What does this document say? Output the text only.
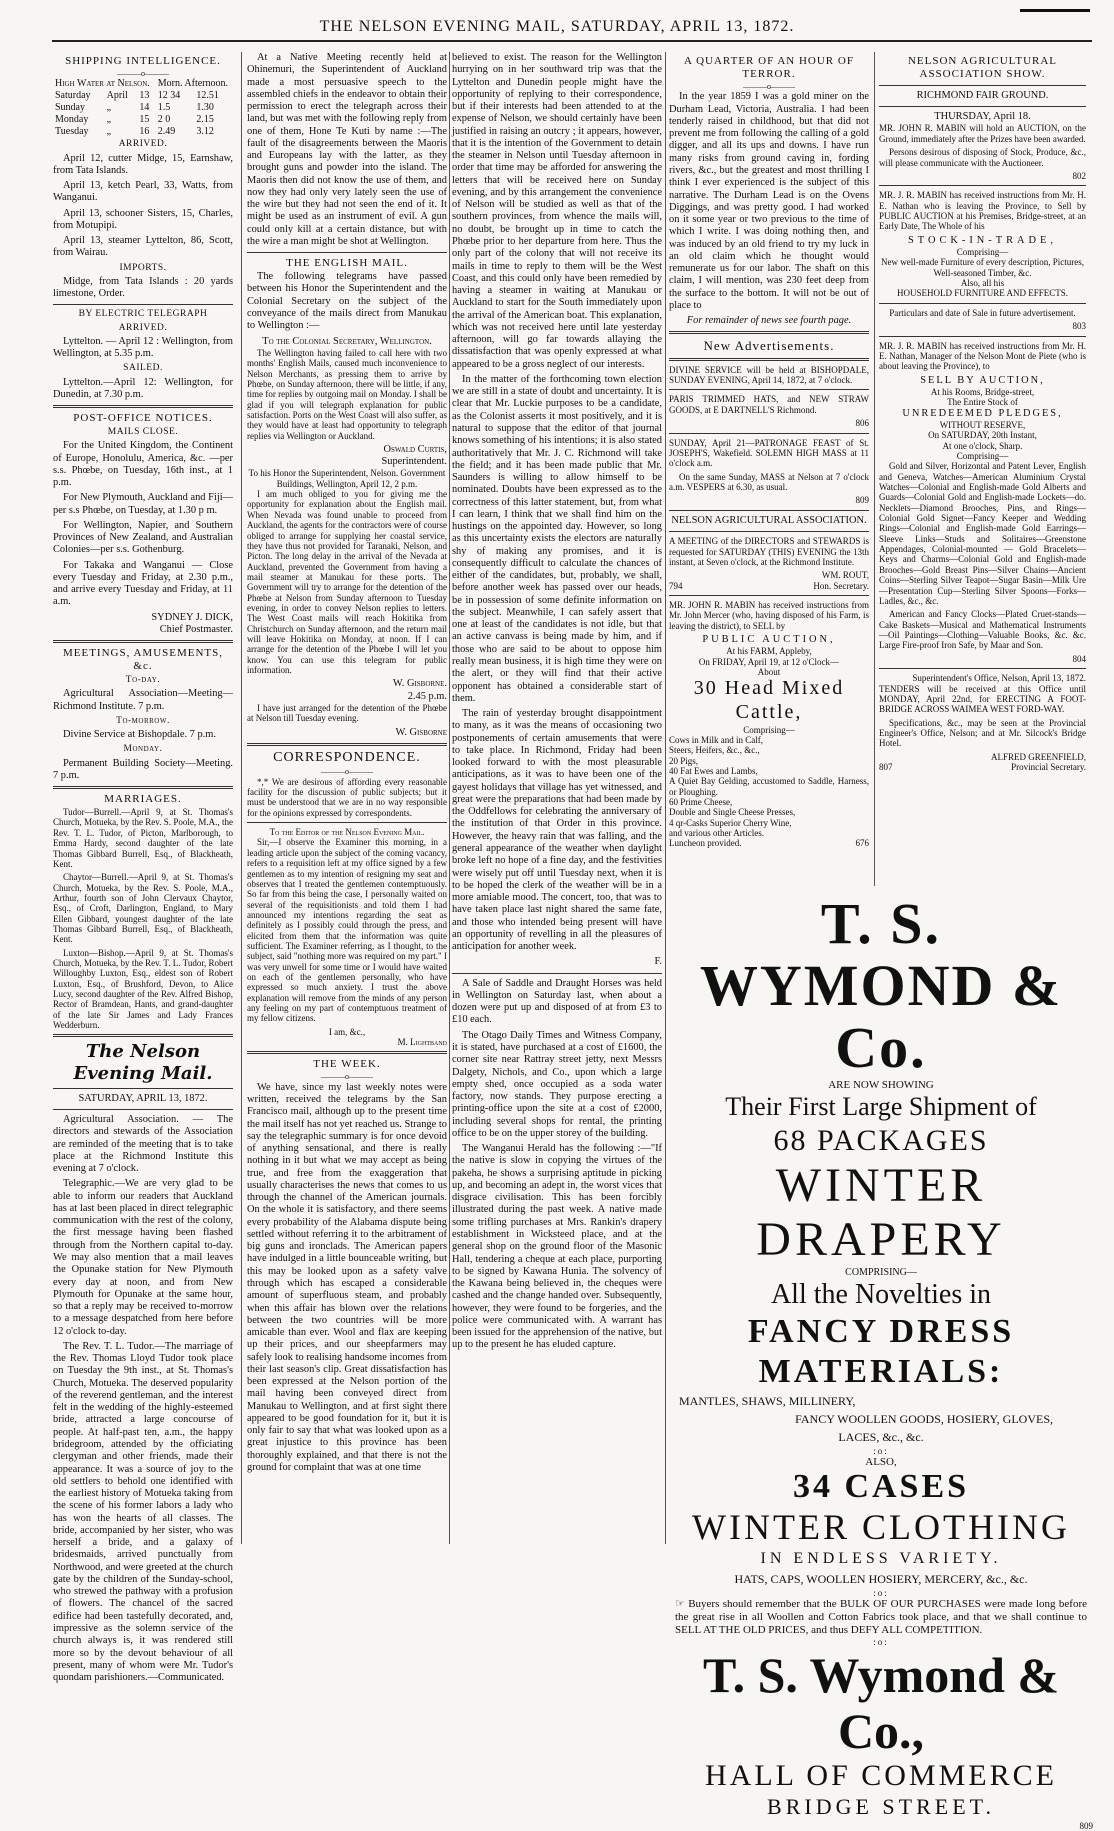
THE NELSON EVENING MAIL, SATURDAY, APRIL 13, 1872.
SHIPPING INTELLIGENCE.
———o———
High Water at Nelson.			Morn. Afternoon.	
Saturday	April	13	12 34	12.51
Sunday	„	14	1.5	1.30
Monday	„	15	2 0	2.15
Tuesday	„	16	2.49	3.12
ARRIVED.

April 12, cutter Midge, 15, Earnshaw, from Tata Islands.

April 13, ketch Pearl, 33, Watts, from Wanganui.

April 13, schooner Sisters, 15, Charles, from Motupipi.

April 13, steamer Lyttelton, 86, Scott, from Wairau.

IMPORTS.

Midge, from Tata Islands : 20 yards limestone, Order.

BY ELECTRIC TELEGRAPH
ARRIVED.

Lyttelton. — April 12 : Wellington, from Wellington, at 5.35 p.m.

SAILED.

Lyttelton.—April 12: Wellington, for Dunedin, at 7.30 p.m.

POST-OFFICE NOTICES.
MAILS CLOSE.

For the United Kingdom, the Continent of Europe, Honolulu, America, &c. —per s.s. Phœbe, on Tuesday, 16th inst., at 1 p.m.

For New Plymouth, Auckland and Fiji—per s.s Phœbe, on Tuesday, at 1.30 p m.

For Wellington, Napier, and Southern Provinces of New Zealand, and Australian Colonies—per s.s. Gothenburg.

For Takaka and Wanganui — Close every Tuesday and Friday, at 2.30 p.m., and arrive every Tuesday and Friday, at 11 a.m.

SYDNEY J. DICK,
Chief Postmaster.
MEETINGS, AMUSEMENTS, &c.
To-day.

Agricultural Association—Meeting—Richmond Institute. 7 p.m.

To-morrow.

Divine Service at Bishopdale. 7 p.m.

Monday.

Permanent Building Society—Meeting. 7 p.m.

MARRIAGES.

Tudor—Burrell.—April 9, at St. Thomas's Church, Motueka, by the Rev. S. Poole, M.A., the Rev. T. L. Tudor, of Picton, Marlborough, to Emma Hardy, second daughter of the late Thomas Gibbard Burrell, Esq., of Blackheath, Kent.

Chaytor—Burrell.—April 9, at St. Thomas's Church, Motueka, by the Rev. S. Poole, M.A., Arthur, fourth son of John Clervaux Chaytor, Esq., of Croft, Darlington, England, to Mary Ellen Gibbard, youngest daughter of the late Thomas Gibbard Burrell, Esq., of Blackheath, Kent.

Luxton—Bishop.—April 9, at St. Thomas's Church, Motueka, by the Rev. T. L. Tudor, Robert Willoughby Luxton, Esq., eldest son of Robert Luxton, Esq., of Brushford, Devon, to Alice Lucy, second daughter of the Rev. Alfred Bishop, Rector of Bramdean, Hants, and grand-daughter of the late Sir James and Lady Frances Wedderburn.

The Nelson Evening Mail.
SATURDAY, APRIL 13, 1872.

Agricultural Association. — The directors and stewards of the Association are reminded of the meeting that is to take place at the Richmond Institute this evening at 7 o'clock.

Telegraphic.—We are very glad to be able to inform our readers that Auckland has at last been placed in direct telegraphic communication with the rest of the colony, the first message having been flashed through from the Northern capital to-day. We may also mention that a mail leaves the Opunake station for New Plymouth every day at noon, and from New Plymouth for Opunake at the same hour, so that a reply may be received to-morrow to a message despatched from here before 12 o'clock to-day.

The Rev. T. L. Tudor.—The marriage of the Rev. Thomas Lloyd Tudor took place on Tuesday the 9th inst., at St. Thomas's Church, Motueka. The deserved popularity of the reverend gentleman, and the interest felt in the wedding of the highly-esteemed bride, attracted a large concourse of people. At half-past ten, a.m., the happy bridegroom, attended by the officiating clergyman and other friends, made their appearance. It was a source of joy to the old settlers to behold one identified with the earliest history of Motueka taking from the scene of his former labors a lady who has won the hearts of all classes. The bride, accompanied by her sister, who was herself a bride, and a galaxy of bridesmaids, arrived punctually from Northwood, and were greeted at the church gate by the children of the Sunday-school, who strewed the pathway with a profusion of flowers. The chancel of the sacred edifice had been tastefully decorated, and, impressive as the solemn service of the church always is, it was rendered still more so by the devout behaviour of all present, many of whom were Mr. Tudor's quondam parishioners.—Communicated.

At a Native Meeting recently held at Ohinemuri, the Superintendent of Auckland made a most persuasive speech to the assembled chiefs in the endeavor to obtain their permission to erect the telegraph across their land, but was met with the following reply from one of them, Hone Te Kuti by name :—The fault of the disagreements between the Maoris and Europeans lay with the latter, as they brought guns and powder into the island. The Maoris then did not know the use of them, and now they had only very lately seen the use of the wire but they had not seen the end of it. It might be used as an instrument of evil. A gun could only kill at a certain distance, but with the wire a man might be shot at Wellington.

THE ENGLISH MAIL.

The following telegrams have passed between his Honor the Superintendent and the Colonial Secretary on the subject of the conveyance of the mails direct from Manukau to Wellington :—

To the Colonial Secretary, Wellington.

The Wellington having failed to call here with two months' English Mails, caused much inconvenience to Nelson Merchants, as pressing them to arrive by Phœbe, on Sunday afternoon, there will be little, if any, time for replies by outgoing mail on Monday. I shall be glad if you will telegraph explanation for public satisfaction. Ports on the West Coast will also suffer, as they would have at least had opportunity to telegraph replies via Wellington or Auckland.

Oswald Curtis,
Superintendent.
To his Honor the Superintendent, Nelson. Government Buildings, Wellington, April 12, 2 p.m.

I am much obliged to you for giving me the opportunity for explanation about the English mail. When Nevada was found unable to proceed from Auckland, the agents for the contractors were of course obliged to arrange for supplying her coastal service, they have thus not provided for Taranaki, Nelson, and Picton. The long delay in the arrival of the Nevada at Auckland, prevented the Government from having a mail steamer at Manukau for these ports. The Government will try to arrange for the detention of the Phœbe at Nelson from Sunday afternoon to Tuesday evening, in order to convey Nelson replies to letters. The West Coast mails will reach Hokitika from Christchurch on Sunday afternoon, and the return mail will leave Hokitika on Monday, at noon. If I can arrange for the detention of the Phœbe I will let you know. You can use this telegram for public information.

W. Gisborne.
2.45 p.m.

I have just arranged for the detention of the Phœbe at Nelson till Tuesday evening.

W. Gisborne
CORRESPONDENCE.
———o———

*,* We are desirous of affording every reasonable facility for the discussion of public subjects; but it must be understood that we are in no way responsible for the opinions expressed by correspondents.

To the Editor of the Nelson Evening Mail.

Sir,—I observe the Examiner this morning, in a leading article upon the subject of the coming vacancy, refers to a requisition left at my office signed by a few gentlemen as to my intention of resigning my seat and observes that I treated the gentlemen contemptuously. So far from this being the case, I personally waited on several of the requisitionists and told them I had announced my intentions regarding the seat as definitely as I possibly could through the press, and elicited from them that the information was quite sufficient. The Examiner referring, as I thought, to the subject, said "nothing more was required on my part." I was very unwell for some time or I would have waited on each of the gentlemen personally, who have expressed so much anxiety. I trust the above explanation will remove from the minds of any person any feeling on my part of contemptuous treatment of my fellow citizens.

I am, &c.,
M. Lightband
THE WEEK.
———o———

We have, since my last weekly notes were written, received the telegrams by the San Francisco mail, although up to the present time the mail itself has not yet reached us. Strange to say the telegraphic summary is for once devoid of anything sensational, and there is really nothing in it but what we may accept as being true, and free from the exaggeration that usually characterises the news that comes to us through the channel of the American journals. On the whole it is satisfactory, and there seems every probability of the Alabama dispute being settled without referring it to the arbitrament of big guns and ironclads. The American papers have indulged in a little bounceable writing, but this may be looked upon as a safety valve through which has escaped a considerable amount of superfluous steam, and probably when this affair has blown over the relations between the two countries will be more amicable than ever. Wool and flax are keeping up their prices, and our sheepfarmers may safely look to realising handsome incomes from their last season's clip. Great dissatisfaction has been expressed at the Nelson portion of the mail having been conveyed direct from Manukau to Wellington, and at first sight there appeared to be good foundation for it, but it is only fair to say that what was looked upon as a great injustice to this province has been thoroughly explained, and that there is not the ground for complaint that was at one time

believed to exist. The reason for the Wellington hurrying on in her southward trip was that the Lyttelton and Dunedin people might have the opportunity of replying to their correspondence, but if their interests had been attended to at the expense of Nelson, we should certainly have been justified in raising an outcry ; it appears, however, that it is the intention of the Government to detain the steamer in Nelson until Tuesday afternoon in order that time may be afforded for answering the letters that will be received here on Sunday evening, and by this arrangement the convenience of Nelson will be studied as well as that of the southern provinces, from whence the mails will, no doubt, be brought up in time to catch the Phœbe prior to her departure from here. Thus the only part of the colony that will not receive its mails in time to reply to them will be the West Coast, and this could only have been remedied by having a steamer in waiting at Manukau or Auckland to start for the South immediately upon the arrival of the American boat. This explanation, which was not received here until late yesterday afternoon, will go far towards allaying the dissatisfaction that was openly expressed at what appeared to be a gross neglect of our interests.

In the matter of the forthcoming town election we are still in a state of doubt and uncertainty. It is clear that Mr. Luckie purposes to be a candidate, as the Colonist asserts it most positively, and it is natural to suppose that the editor of that journal knows something of his intentions; it is also stated authoritatively that Mr. J. C. Richmond will take the field; and it has been made public that Mr. Saunders is willing to allow himself to be nominated. Doubts have been expressed as to the correctness of this latter statement, but, from what I can learn, I think that we shall find him on the hustings on the appointed day. However, so long as this uncertainty exists the electors are naturally shy of making any promises, and it is consequently difficult to calculate the chances of either of the candidates, but, probably, we shall, before another week has passed over our heads, be in possession of some definite information on the subject. Meanwhile, I can safely assert that one at least of the candidates is not idle, but that an active canvass is being made by him, and if those who are said to be about to oppose him really mean business, it is high time they were on the alert, or they will find that their active opponent has obtained a considerable start of them.

The rain of yesterday brought disappointment to many, as it was the means of occasioning two postponements of certain amusements that were to take place. In Richmond, Friday had been looked forward to with the most pleasurable anticipations, as it was to have been one of the gayest holidays that village has yet witnessed, and great were the preparations that had been made by the Oddfellows for celebrating the anniversary of the institution of that Order in this province. However, the heavy rain that was falling, and the general appearance of the weather when daylight broke left no hope of a fine day, and the festivities were wisely put off until Tuesday next, when it is to be hoped the clerk of the weather will be in a more amiable mood. The concert, too, that was to have taken place last night shared the same fate, and those who intended being present will have an opportunity of revelling in all the pleasures of anticipation for another week.

F.

A Sale of Saddle and Draught Horses was held in Wellington on Saturday last, when about a dozen were put up and disposed of at from £3 to £10 each.

The Otago Daily Times and Witness Company, it is stated, have purchased at a cost of £1600, the corner site near Rattray street jetty, next Messrs Dalgety, Nichols, and Co., upon which a large empty shed, once occupied as a soda water factory, now stands. They purpose erecting a printing-office upon the site at a cost of £2000, including several shops for rental, the printing office to be on the upper storey of the building.

The Wanganui Herald has the following :—"If the native is slow in copying the virtues of the pakeha, he shows a surprising aptitude in picking up, and becoming an adept in, the worst vices that disgrace civilisation. This has been forcibly illustrated during the past week. A native made some trifling purchases at Mrs. Rankin's drapery establishment in Wicksteed place, and at the general shop on the ground floor of the Masonic Hall, tendering a cheque at each place, purporting to be signed by Kawana Hunia. The solvency of the Kawana being believed in, the cheques were cashed and the change handed over. Subsequently, however, they were found to be forgeries, and the police were communicated with. A warrant has been issued for the apprehension of the native, but up to the present he has eluded capture.

A QUARTER OF AN HOUR OF TERROR.
———o———

In the year 1859 I was a gold miner on the Durham Lead, Victoria, Australia. I had been tenderly raised in childhood, but that did not prevent me from following the calling of a gold digger, and all its ups and downs. I have run many risks from ground caving in, fording rivers, &c., but the greatest and most thrilling I think I ever experienced is the subject of this narrative. The Durham Lead is on the Ovens Diggings, and was pretty good. I had worked on it some year or two previous to the time of which I write. I was doing nothing then, and was induced by an old friend to try my luck in an old claim which he thought would remunerate us for our labor. The shaft on this claim, I will mention, was 230 feet deep from the surface to the bottom. It will not be out of place to

For remainder of news see fourth page.

New Advertisements.

DIVINE SERVICE will be held at BISHOPDALE, SUNDAY EVENING, April 14, 1872, at 7 o'clock.

PARIS TRIMMED HATS, and NEW STRAW GOODS, at E DARTNELL'S Richmond.

806

SUNDAY, April 21—PATRONAGE FEAST of St. JOSEPH'S, Wakefield. SOLEMN HIGH MASS at 11 o'clock a.m.

On the same Sunday, MASS at Nelson at 7 o'clock a.m. VESPERS at 6.30, as usual.

809
NELSON AGRICULTURAL ASSOCIATION.

A MEETING of the DIRECTORS and STEWARDS is requested for SATURDAY (THIS) EVENING the 13th instant, at Seven o'clock, at the Richmond Institute.

WM. ROUT,
794	Hon. Secretary.

MR. JOHN R. MABIN has received instructions from Mr. John Mercer (who, having disposed of his Farm, is leaving the district), to SELL by

PUBLIC AUCTION,
At his FARM, Appleby,
On FRIDAY, April 19, at 12 o'Clock—
About
30 Head Mixed Cattle,
Comprising—
Cows in Milk and in Calf,
Steers, Heifers, &c., &c.,
20 Pigs,
40 Fat Ewes and Lambs,
A Quiet Bay Gelding, accustomed to Saddle, Harness, or Ploughing.
60 Prime Cheese,
Double and Single Cheese Presses,
4 qr-Casks Superior Cherry Wine,
and various other Articles.
Luncheon provided.	676
NELSON AGRICULTURAL ASSOCIATION SHOW.
RICHMOND FAIR GROUND.
THURSDAY, April 18.

MR. JOHN R. MABIN will hold an AUCTION, on the Ground, immediately after the Prizes have been awarded.

Persons desirous of disposing of Stock, Produce, &c., will please communicate with the Auctioneer.

802

MR. J. R. MABIN has received instructions from Mr. H. E. Nathan who is leaving the Province, to Sell by PUBLIC AUCTION at his Premises, Bridge-street, at an Early Date, The Whole of his

STOCK-IN-TRADE,
Comprising—
New well-made Furniture of every description, Pictures, Well-seasoned Timber, &c.
Also, all his
HOUSEHOLD FURNITURE AND EFFECTS.

Particulars and date of Sale in future advertisement.

803

MR. J. R. MABIN has received instructions from Mr. H. E. Nathan, Manager of the Nelson Mont de Piete (who is about leaving the Province), to

SELL BY AUCTION,
At his Rooms, Bridge-street,
The Entire Stock of
UNREDEEMED PLEDGES,
WITHOUT RESERVE,
On SATURDAY, 20th Instant,
At one o'clock, Sharp.
Comprising—

Gold and Silver, Horizontal and Patent Lever, English and Geneva, Watches—American Aluminium Crystal Watches—Colonial and English-made Gold Alberts and Guards—Colonial Gold and English-made Lockets—do. Necklets—Diamond Brooches, Pins, and Rings—Colonial Gold Signet—Fancy Keeper and Wedding Rings—Colonial and English-made Gold Earrings—Sleeve Links—Studs and Solitaires—Greenstone Appendages, Colonial-mounted — Gold Bracelets—Keys and Charms—Colonial Gold and English-made Brooches—Gold Breast Pins—Silver Chains—Ancient Coins—Sterling Silver Teapot—Sugar Basin—Milk Ure—Presentation Cup—Sterling Silver Spoons—Forks—Ladles, &c., &c.

American and Fancy Clocks—Plated Cruet-stands—Cake Baskets—Musical and Mathematical Instruments—Oil Paintings—Clothing—Valuable Books, &c. &c. Large Fire-proof Iron Safe, by Maar and Son.

804
Superintendent's Office, Nelson, April 13, 1872.

TENDERS will be received at this Office until MONDAY, April 22nd, for ERECTING A FOOT-BRIDGE ACROSS WAIMEA WEST FORD-WAY.

Specifications, &c., may be seen at the Provincial Engineer's Office, Nelson; and at Mr. Silcock's Bridge Hotel.

ALFRED GREENFIELD,
807	Provincial Secretary.
T. S. WYMOND & Co.
ARE NOW SHOWING
Their First Large Shipment of
68 PACKAGES
WINTER DRAPERY
COMPRISING—
All the Novelties in
FANCY DRESS MATERIALS:
MANTLES, SHAWS, MILLINERY,
FANCY WOOLLEN GOODS, HOSIERY, GLOVES,
LACES, &c., &c.
:o:
ALSO,
34 CASES
WINTER CLOTHING
IN ENDLESS VARIETY.
HATS, CAPS, WOOLLEN HOSIERY, MERCERY, &c., &c.
:o:
☞ Buyers should remember that the BULK OF OUR PURCHASES were made long before the great rise in all Woollen and Cotton Fabrics took place, and that we shall continue to SELL AT THE OLD PRICES, and thus DEFY ALL COMPETITION.
:o:
T. S. Wymond & Co.,
HALL OF COMMERCE
BRIDGE STREET.
809
